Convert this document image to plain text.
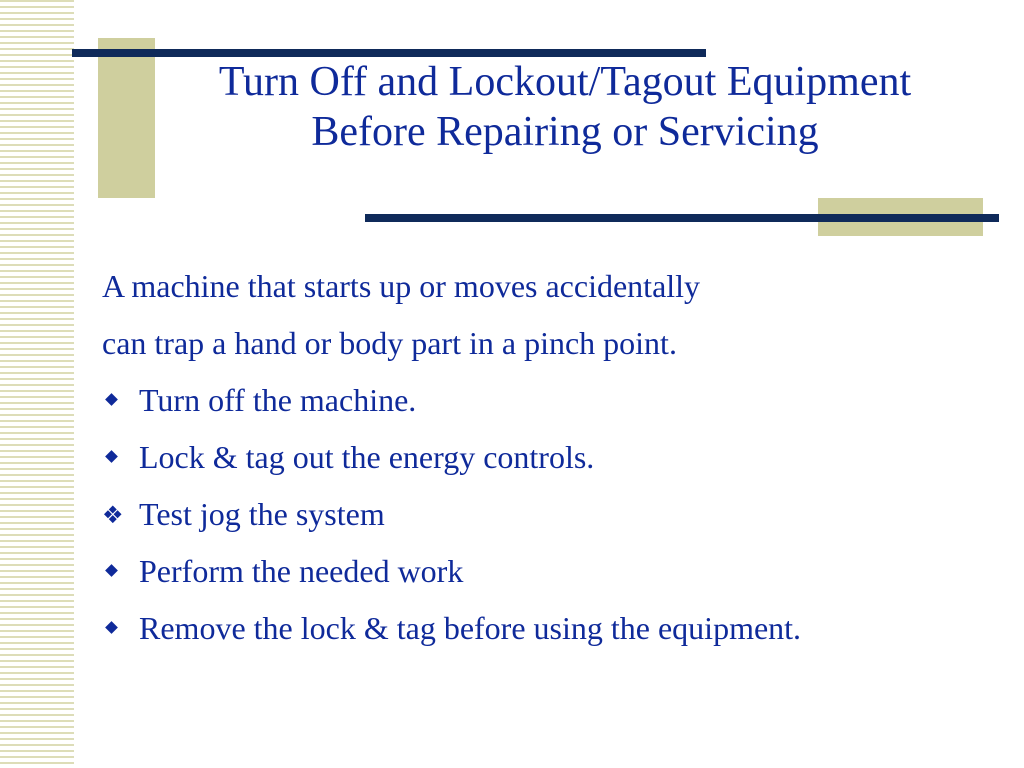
Turn Off and Lockout/Tagout Equipment Before Repairing or Servicing

A machine that starts up or moves accidentally

can trap a hand or body part in a pinch point.

Turn off the machine.
Lock & tag out the energy controls.
❖ Test jog the system
Perform the needed work
Remove the lock & tag before using the equipment.
